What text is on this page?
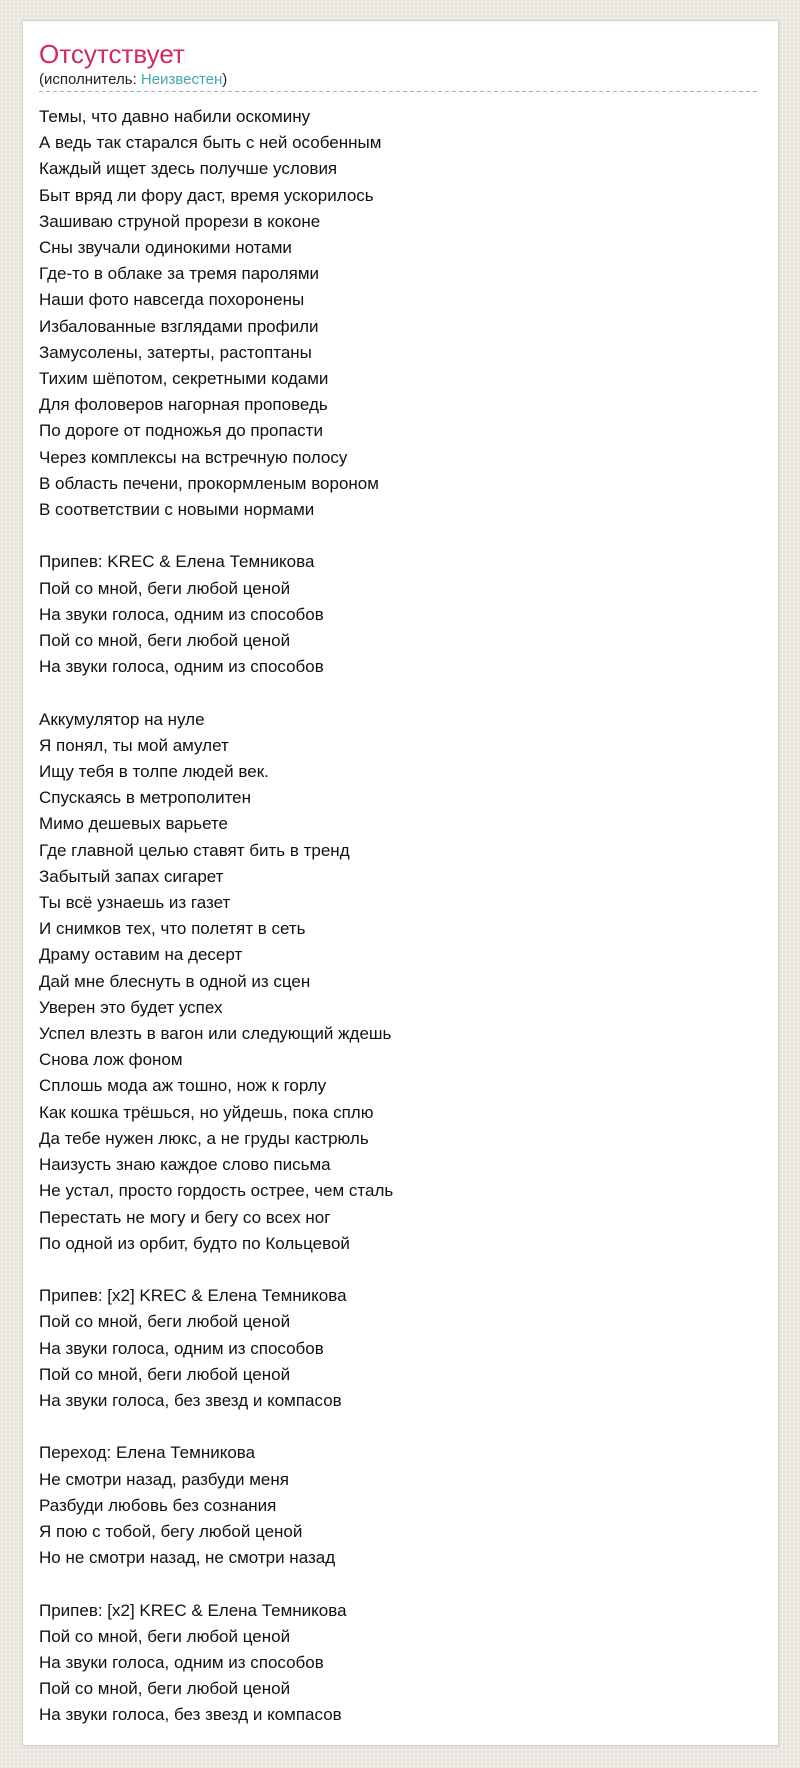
Отсутствует
(исполнитель: Неизвестен)
Темы, что давно набили оскомину
А ведь так старался быть с ней особенным
Каждый ищет здесь получше условия
Быт вряд ли фору даст, время ускорилось
Зашиваю струной прорези в коконе
Сны звучали одинокими нотами
Где-то в облаке за тремя паролями
Наши фото навсегда похоронены
Избалованные взглядами профили
Замусолены, затерты, растоптаны
Тихим шёпотом, секретными кодами
Для фоловеров нагорная проповедь
По дороге от подножья до пропасти
Через комплексы на встречную полосу
В область печени, прокормленым вороном
В соответствии с новыми нормами
Припев: KREC & Елена Темникова
Пой со мной, беги любой ценой
На звуки голоса, одним из способов
Пой со мной, беги любой ценой
На звуки голоса, одним из способов
Аккумулятор на нуле
Я понял, ты мой амулет
Ищу тебя в толпе людей век.
Спускаясь в метрополитен
Мимо дешевых варьете
Где главной целью ставят бить в тренд
Забытый запах сигарет
Ты всё узнаешь из газет
И снимков тех, что полетят в сеть
Драму оставим на десерт
Дай мне блеснуть в одной из сцен
Уверен это будет успех
Успел влезть в вагон или следующий ждешь
Снова лож фоном
Сплошь мода аж тошно, нож к горлу
Как кошка трёшься, но уйдешь, пока сплю
Да тебе нужен люкс, а не груды кастрюль
Наизусть знаю каждое слово письма
Не устал, просто гордость острее, чем сталь
Перестать не могу и бегу со всех ног
По одной из орбит, будто по Кольцевой
Припев: [x2] KREC & Елена Темникова
Пой со мной, беги любой ценой
На звуки голоса, одним из способов
Пой со мной, беги любой ценой
На звуки голоса, без звезд и компасов
Переход: Елена Темникова
Не смотри назад, разбуди меня
Разбуди любовь без сознания
Я пою с тобой, бегу любой ценой
Но не смотри назад, не смотри назад
Припев: [x2] KREC & Елена Темникова
Пой со мной, беги любой ценой
На звуки голоса, одним из способов
Пой со мной, беги любой ценой
На звуки голоса, без звезд и компасов
